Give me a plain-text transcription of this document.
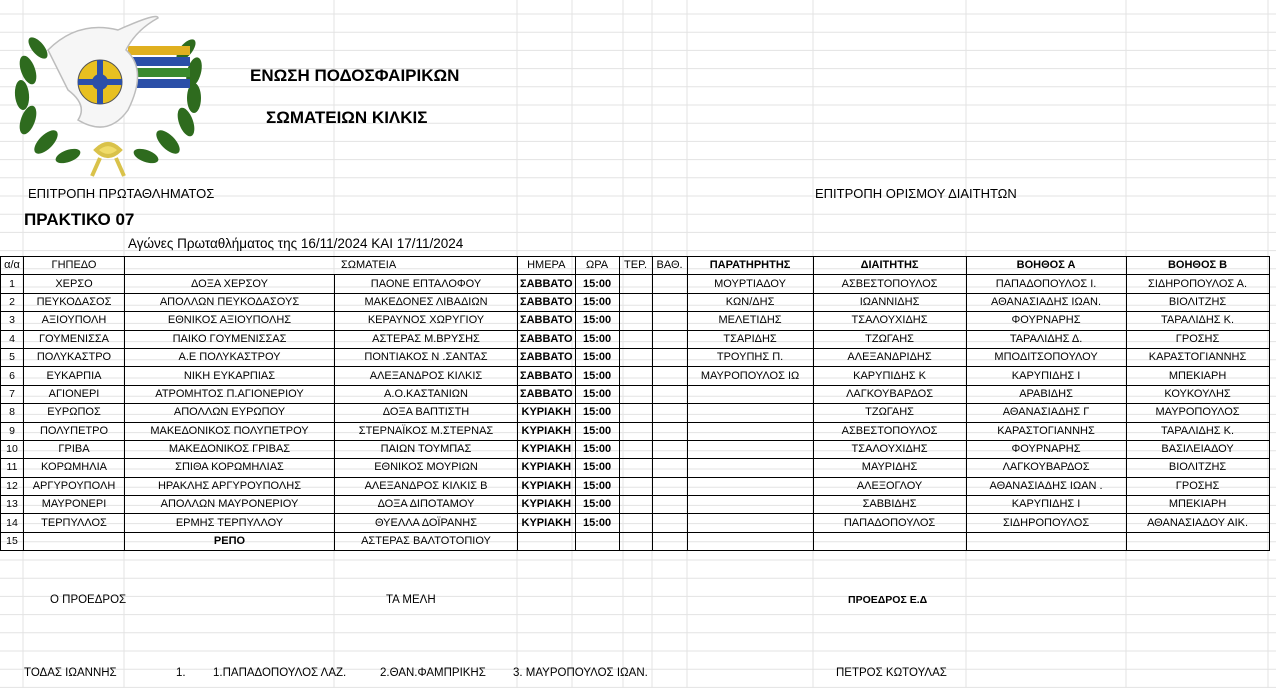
ΕΝΩΣΗ ΠΟΔΟΣΦΑΙΡΙΚΩΝ
ΣΩΜΑΤΕΙΩΝ ΚΙΛΚΙΣ
ΕΠΙΤΡΟΠΗ ΠΡΩΤΑΘΛΗΜΑΤΟΣ	ΕΠΙΤΡΟΠΗ ΟΡΙΣΜΟΥ ΔΙΑΙΤΗΤΩΝ
ΠΡΑΚΤΙΚΟ 07
Αγώνες Πρωταθλήματος της 16/11/2024 ΚΑΙ 17/11/2024
α/α	ΓΗΠΕΔΟ	ΣΩΜΑΤΕΙΑ		ΗΜΕΡΑ	ΩΡΑ	ΤΕΡ.	ΒΑΘ.	ΠΑΡΑΤΗΡΗΤΗΣ	ΔΙΑΙΤΗΤΗΣ	ΒΟΗΘΟΣ Α	ΒΟΗΘΟΣ Β
1	ΧΕΡΣΟ	ΔΟΞΑ ΧΕΡΣΟΥ	ΠΑΟΝΕ ΕΠΤΑΛΟΦΟΥ	ΣΑΒΒΑΤΟ	15:00			ΜΟΥΡΤΙΑΔΟΥ	ΑΣΒΕΣΤΟΠΟΥΛΟΣ	ΠΑΠΑΔΟΠΟΥΛΟΣ Ι.	ΣΙΔΗΡΟΠΟΥΛΟΣ Α.
2	ΠΕΥΚΟΔΑΣΟΣ	ΑΠΟΛΛΩΝ ΠΕΥΚΟΔΑΣΟΥΣ	ΜΑΚΕΔΟΝΕΣ ΛΙΒΑΔΙΩΝ	ΣΑΒΒΑΤΟ	15:00			ΚΩΝ/ΔΗΣ	ΙΩΑΝΝΙΔΗΣ	ΑΘΑΝΑΣΙΑΔΗΣ ΙΩΑΝ.	ΒΙΟΛΙΤΖΗΣ
3	ΑΞΙΟΥΠΟΛΗ	ΕΘΝΙΚΟΣ ΑΞΙΟΥΠΟΛΗΣ	ΚΕΡΑΥΝΟΣ ΧΩΡΥΓΙΟΥ	ΣΑΒΒΑΤΟ	15:00			ΜΕΛΕΤΙΔΗΣ	ΤΣΑΛΟΥΧΙΔΗΣ	ΦΟΥΡΝΑΡΗΣ	ΤΑΡΑΛΙΔΗΣ Κ.
4	ΓΟΥΜΕΝΙΣΣΑ	ΠΑΙΚΟ ΓΟΥΜΕΝΙΣΣΑΣ	ΑΣΤΕΡΑΣ Μ.ΒΡΥΣΗΣ	ΣΑΒΒΑΤΟ	15:00			ΤΣΑΡΙΔΗΣ	ΤΖΩΓΑΗΣ	ΤΑΡΑΛΙΔΗΣ Δ.	ΓΡΟΣΗΣ
5	ΠΟΛΥΚΑΣΤΡΟ	Α.Ε ΠΟΛΥΚΑΣΤΡΟΥ	ΠΟΝΤΙΑΚΟΣ Ν .ΣΑΝΤΑΣ	ΣΑΒΒΑΤΟ	15:00			ΤΡΟΥΠΗΣ Π.	ΑΛΕΞΑΝΔΡΙΔΗΣ	ΜΠΟΔΙΤΣΟΠΟΥΛΟΥ	ΚΑΡΑΣΤΟΓΙΑΝΝΗΣ
6	ΕΥΚΑΡΠΙΑ	ΝΙΚΗ ΕΥΚΑΡΠΙΑΣ	ΑΛΕΞΑΝΔΡΟΣ ΚΙΛΚΙΣ	ΣΑΒΒΑΤΟ	15:00			ΜΑΥΡΟΠΟΥΛΟΣ ΙΩ	ΚΑΡΥΠΙΔΗΣ Κ	ΚΑΡΥΠΙΔΗΣ Ι	ΜΠΕΚΙΑΡΗ
7	ΑΓΙΟΝΕΡΙ	ΑΤΡΟΜΗΤΟΣ Π.ΑΓΙΟΝΕΡΙΟΥ	Α.Ο.ΚΑΣΤΑΝΙΩΝ	ΣΑΒΒΑΤΟ	15:00				ΛΑΓΚΟΥΒΑΡΔΟΣ	ΑΡΑΒΙΔΗΣ	ΚΟΥΚΟΥΛΗΣ
8	ΕΥΡΩΠΟΣ	ΑΠΟΛΛΩΝ ΕΥΡΩΠΟΥ	ΔΟΞΑ ΒΑΠΤΙΣΤΗ	ΚΥΡΙΑΚΗ	15:00				ΤΖΩΓΑΗΣ	ΑΘΑΝΑΣΙΑΔΗΣ Γ	ΜΑΥΡΟΠΟΥΛΟΣ
9	ΠΟΛΥΠΕΤΡΟ	ΜΑΚΕΔΟΝΙΚΟΣ ΠΟΛΥΠΕΤΡΟΥ	ΣΤΕΡΝΑΪΚΟΣ Μ.ΣΤΕΡΝΑΣ	ΚΥΡΙΑΚΗ	15:00				ΑΣΒΕΣΤΟΠΟΥΛΟΣ	ΚΑΡΑΣΤΟΓΙΑΝΝΗΣ	ΤΑΡΑΛΙΔΗΣ Κ.
10	ΓΡΙΒΑ	ΜΑΚΕΔΟΝΙΚΟΣ ΓΡΙΒΑΣ	ΠΑΙΩΝ ΤΟΥΜΠΑΣ	ΚΥΡΙΑΚΗ	15:00				ΤΣΑΛΟΥΧΙΔΗΣ	ΦΟΥΡΝΑΡΗΣ	ΒΑΣΙΛΕΙΑΔΟΥ
11	ΚΟΡΩΜΗΛΙΑ	ΣΠΙΘΑ ΚΟΡΩΜΗΛΙΑΣ	ΕΘΝΙΚΟΣ ΜΟΥΡΙΩΝ	ΚΥΡΙΑΚΗ	15:00				ΜΑΥΡΙΔΗΣ	ΛΑΓΚΟΥΒΑΡΔΟΣ	ΒΙΟΛΙΤΖΗΣ
12	ΑΡΓΥΡΟΥΠΟΛΗ	ΗΡΑΚΛΗΣ ΑΡΓΥΡΟΥΠΟΛΗΣ	ΑΛΕΞΑΝΔΡΟΣ ΚΙΛΚΙΣ Β	ΚΥΡΙΑΚΗ	15:00				ΑΛΕΞΟΓΛΟΥ	ΑΘΑΝΑΣΙΑΔΗΣ ΙΩΑΝ .	ΓΡΟΣΗΣ
13	ΜΑΥΡΟΝΕΡΙ	ΑΠΟΛΛΩΝ ΜΑΥΡΟΝΕΡΙΟΥ	ΔΟΞΑ ΔΙΠΟΤΑΜΟΥ	ΚΥΡΙΑΚΗ	15:00				ΣΑΒΒΙΔΗΣ	ΚΑΡΥΠΙΔΗΣ Ι	ΜΠΕΚΙΑΡΗ
14	ΤΕΡΠΥΛΛΟΣ	ΕΡΜΗΣ ΤΕΡΠΥΛΛΟΥ	ΘΥΕΛΛΑ ΔΟΪΡΑΝΗΣ	ΚΥΡΙΑΚΗ	15:00				ΠΑΠΑΔΟΠΟΥΛΟΣ	ΣΙΔΗΡΟΠΟΥΛΟΣ	ΑΘΑΝΑΣΙΑΔΟΥ ΑΙΚ.
15		ΡΕΠΟ	ΑΣΤΕΡΑΣ ΒΑΛΤΟΤΟΠΙΟΥ								
Ο ΠΡΟΕΔΡΟΣ	ΤΑ ΜΕΛΗ	ΠΡΟΕΔΡΟΣ Ε.Δ
ΤΟΔΑΣ ΙΩΑΝΝΗΣ	1. 1.ΠΑΠΑΔΟΠΟΥΛΟΣ ΛΑΖ.	2.ΘΑΝ.ΦΑΜΠΡΙΚΗΣ 3. ΜΑΥΡΟΠΟΥΛΟΣ ΙΩΑΝ.	ΠΕΤΡΟΣ ΚΩΤΟΥΛΑΣ
